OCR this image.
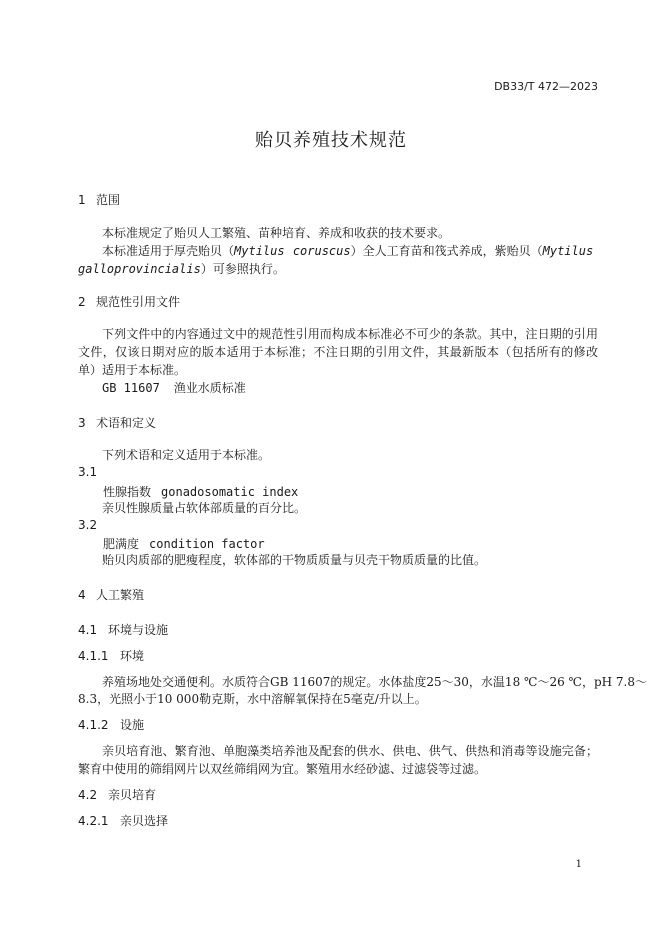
DB33/T 472—2023
贻贝养殖技术规范
1 范围
本标准规定了贻贝人工繁殖、苗种培育、养成和收获的技术要求。
本标准适用于厚壳贻贝（Mytilus coruscus）全人工育苗和筏式养成，紫贻贝（Mytilus
galloprovincialis）可参照执行。
2 规范性引用文件
下列文件中的内容通过文中的规范性引用而构成本标准必不可少的条款。其中，注日期的引用文件，仅该日期对应的版本适用于本标准；不注日期的引用文件，其最新版本（包括所有的修改单）适用于本标准。
GB 11607 渔业水质标准
3 术语和定义
下列术语和定义适用于本标准。
3.1
性腺指数 gonadosomatic index
亲贝性腺质量占软体部质量的百分比。
3.2
肥满度 condition factor
贻贝肉质部的肥瘦程度，软体部的干物质质量与贝壳干物质质量的比值。
4 人工繁殖
4.1 环境与设施
4.1.1 环境
养殖场地处交通便利。水质符合GB 11607的规定。水体盐度25～30，水温18 ℃～26 ℃，pH 7.8～
8.3，光照小于10 000勒克斯，水中溶解氧保持在5毫克/升以上。
4.1.2 设施
亲贝培育池、繁育池、单胞藻类培养池及配套的供水、供电、供气、供热和消毒等设施完备；繁育中使用的筛绢网片以双丝筛绢网为宜。繁殖用水经砂滤、过滤袋等过滤。
4.2 亲贝培育
4.2.1 亲贝选择
1
